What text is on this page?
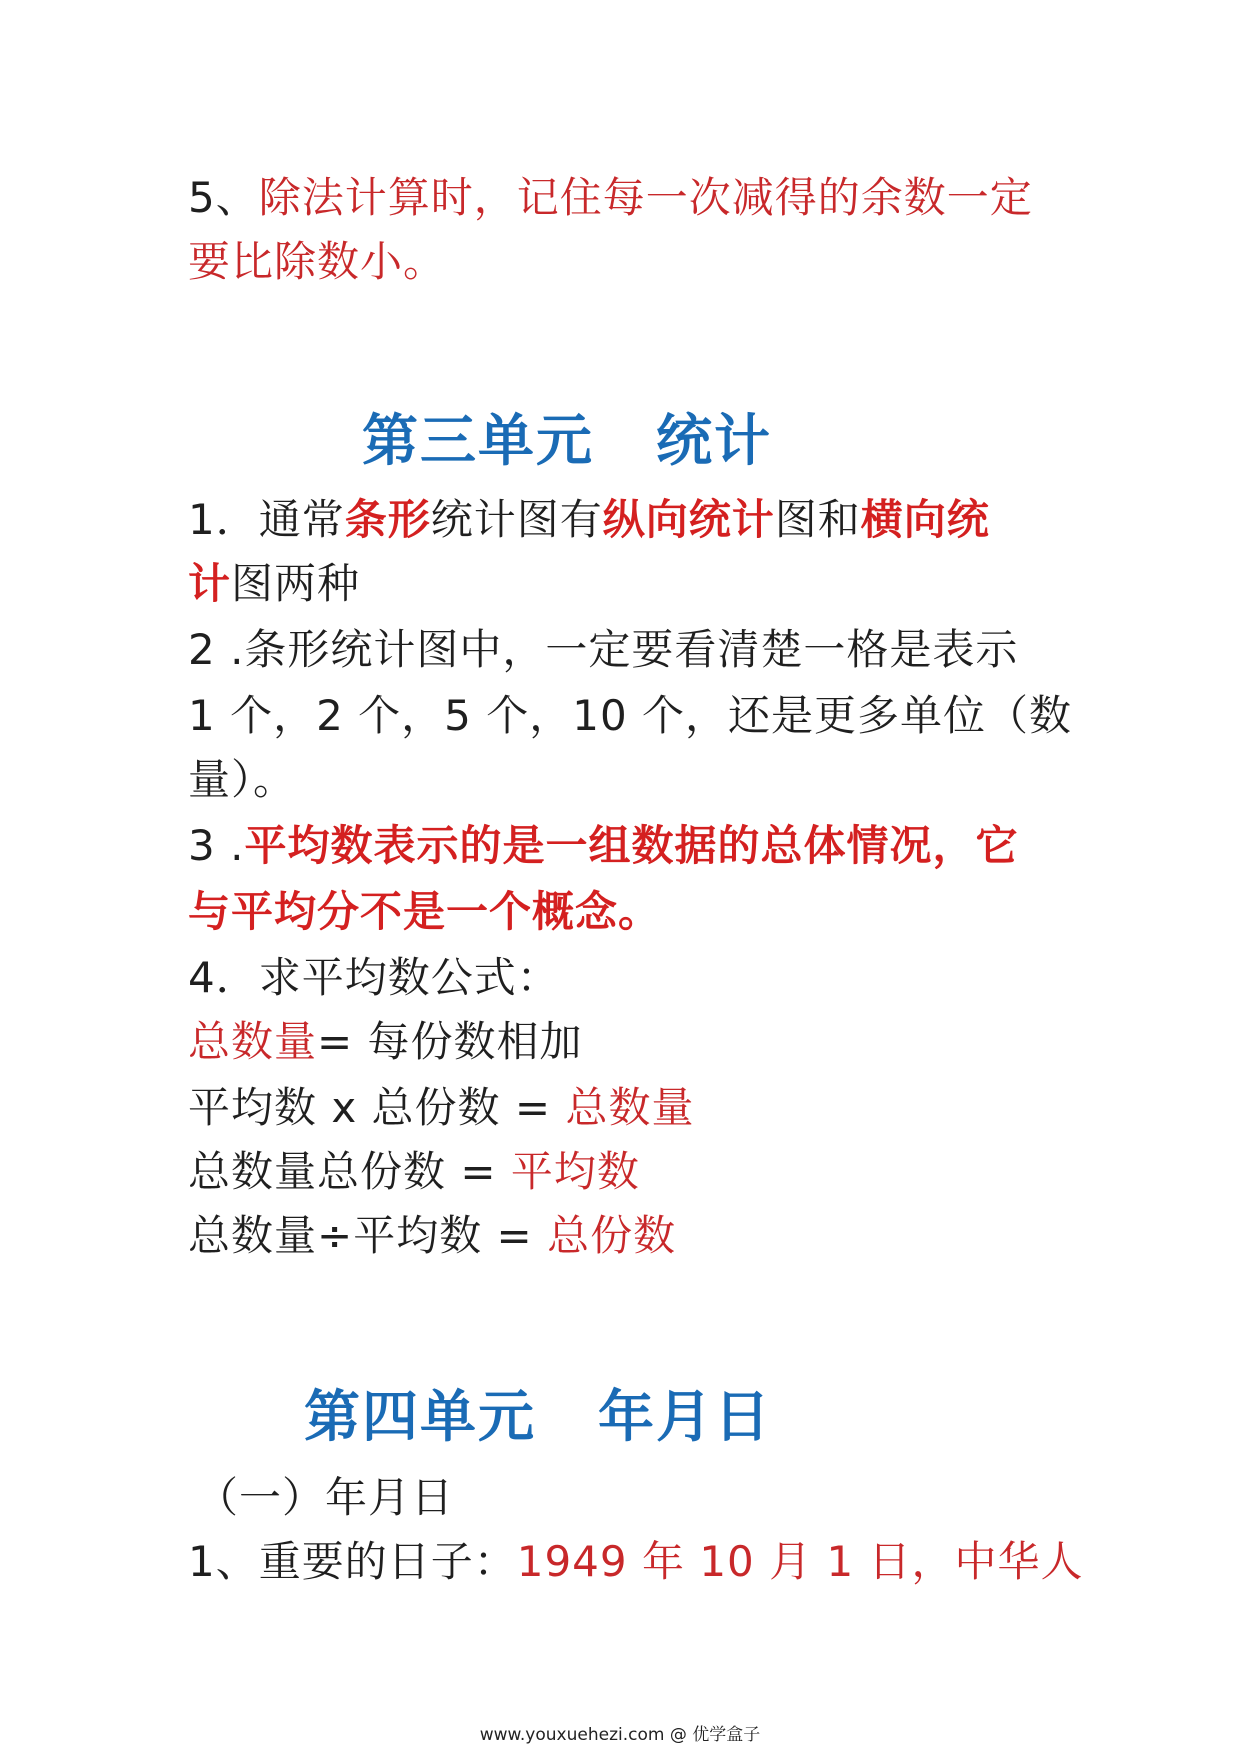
5、除法计算时，记住每一次减得的余数一定
要比除数小。
第三单元 统计
1．通常条形统计图有纵向统计图和横向统
计图两种
2 .条形统计图中，一定要看清楚一格是表示
1 个，2 个，5 个，10 个，还是更多单位（数
量）。
3 .平均数表示的是一组数据的总体情况，它
与平均分不是一个概念。
4．求平均数公式：
总数量= 每份数相加
平均数 x 总份数 = 总数量
总数量总份数 = 平均数
总数量÷平均数 = 总份数
第四单元 年月日
（一）年月日
1、重要的日子：1949 年 10 月 1 日，中华人
www.youxuehezi.com @ 优学盒子
